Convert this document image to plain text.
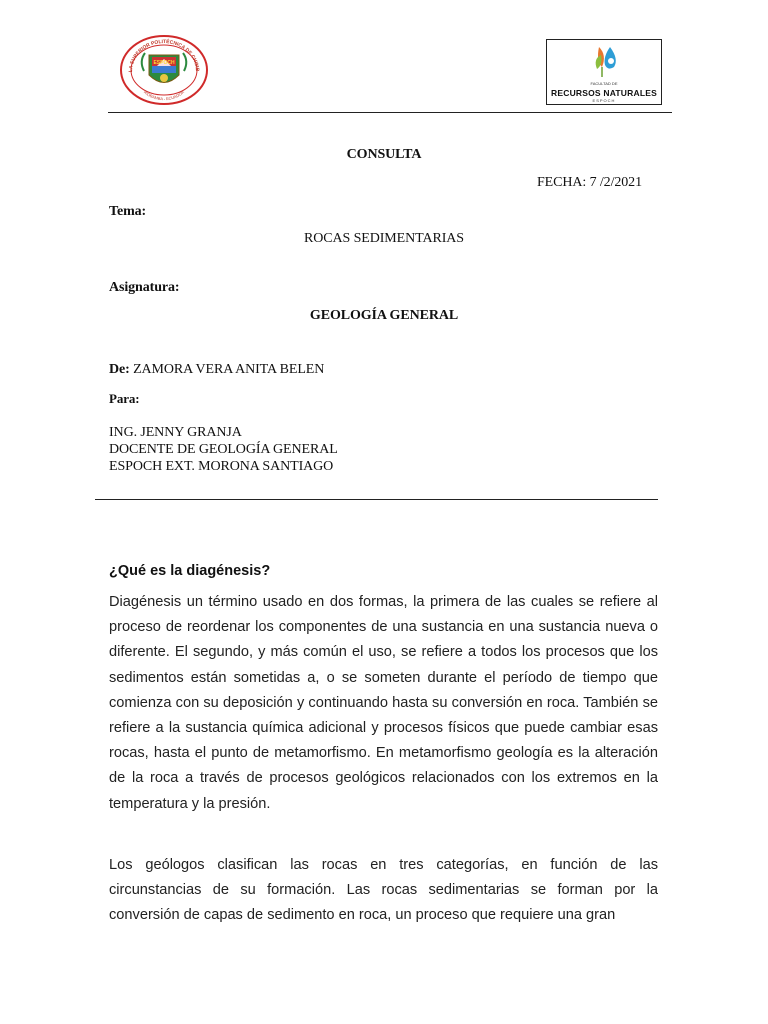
LA SUPERIOR POLITÉCNICA DE CHIMB
RIOBAMBA - ECUADOR
ESPOCH
FACULTAD DE
RECURSOS NATURALES
ESPOCH
CONSULTA
FECHA: 7 /2/2021
Tema:
ROCAS SEDIMENTARIAS
Asignatura:
GEOLOGÍA GENERAL
De: ZAMORA VERA ANITA BELEN
Para:
ING. JENNY GRANJA
DOCENTE DE GEOLOGÍA GENERAL
ESPOCH EXT. MORONA SANTIAGO
¿Qué es la diagénesis?
Diagénesis un término usado en dos formas, la primera de las cuales se refiere al proceso de reordenar los componentes de una sustancia en una sustancia nueva o diferente. El segundo, y más común el uso, se refiere a todos los procesos que los sedimentos están sometidas a, o se someten durante el período de tiempo que comienza con su deposición y continuando hasta su conversión en roca. También se refiere a la sustancia química adicional y procesos físicos que puede cambiar esas rocas, hasta el punto de metamorfismo. En metamorfismo geología es la alteración de la roca a través de procesos geológicos relacionados con los extremos en la temperatura y la presión.
Los geólogos clasifican las rocas en tres categorías, en función de las circunstancias de su formación. Las rocas sedimentarias se forman por la conversión de capas de sedimento en roca, un proceso que requiere una gran
